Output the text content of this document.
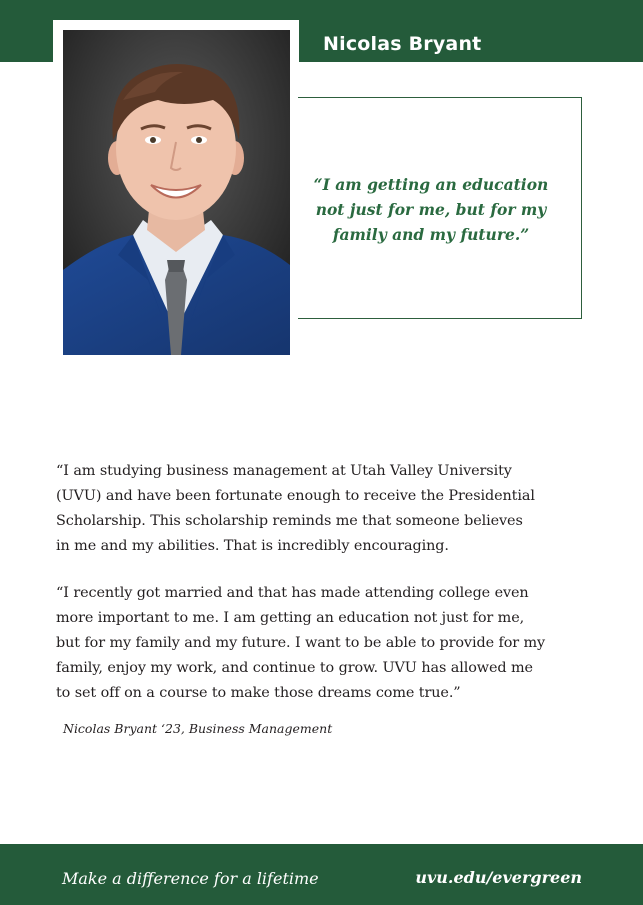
Nicolas Bryant
“I am getting an education
not just for me, but for my
family and my future.”
“I am studying business management at Utah Valley University
(UVU) and have been fortunate enough to receive the Presidential
Scholarship. This scholarship reminds me that someone believes
in me and my abilities. That is incredibly encouraging.
“I recently got married and that has made attending college even
more important to me. I am getting an education not just for me,
but for my family and my future. I want to be able to provide for my
family, enjoy my work, and continue to grow. UVU has allowed me
to set off on a course to make those dreams come true.”
Nicolas Bryant ‘23, Business Management
Make a difference for a lifetime	uvu.edu/evergreen
